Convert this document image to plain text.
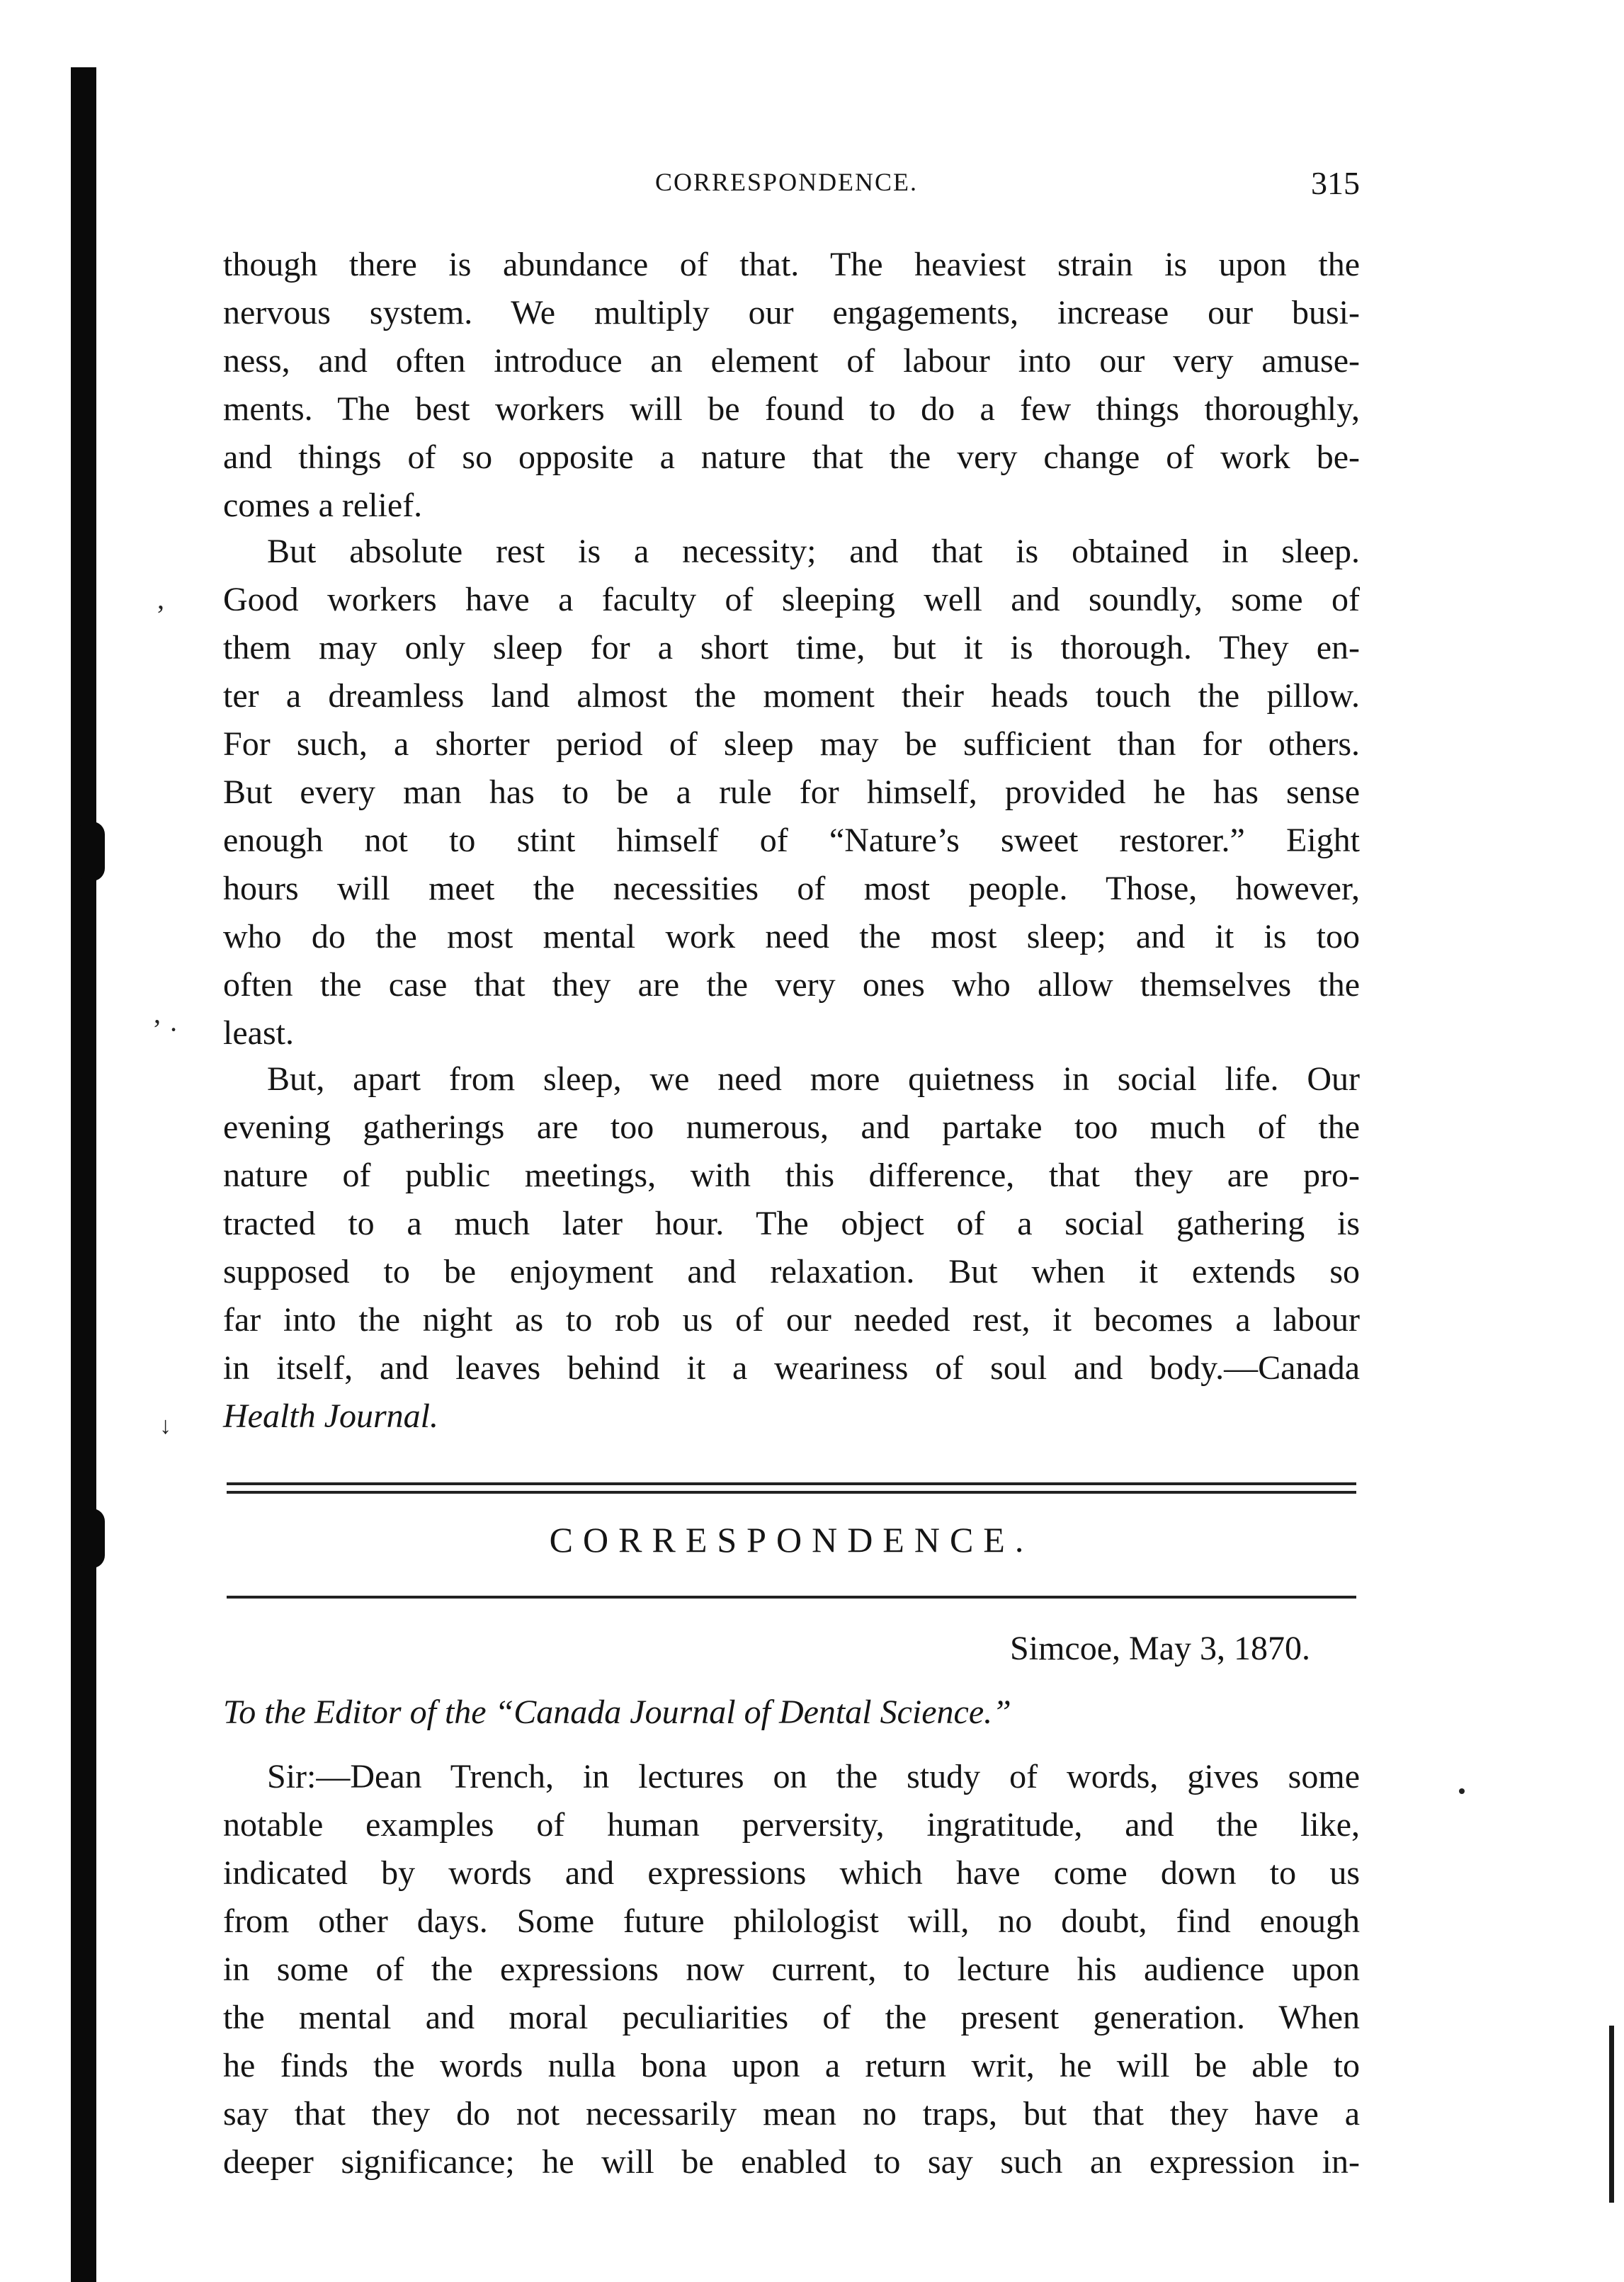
ʼ
ʼ ·
↓
CORRESPONDENCE.	315
though there is abundance of that. The heaviest strain is upon the
nervous system. We multiply our engagements, increase our busi-
ness, and often introduce an element of labour into our very amuse-
ments. The best workers will be found to do a few things thoroughly,
and things of so opposite a nature that the very change of work be-
comes a relief.
But absolute rest is a necessity; and that is obtained in sleep.
Good workers have a faculty of sleeping well and soundly, some of
them may only sleep for a short time, but it is thorough. They en-
ter a dreamless land almost the moment their heads touch the pillow.
For such, a shorter period of sleep may be sufficient than for others.
But every man has to be a rule for himself, provided he has sense
enough not to stint himself of “Nature’s sweet restorer.” Eight
hours will meet the necessities of most people. Those, however,
who do the most mental work need the most sleep; and it is too
often the case that they are the very ones who allow themselves the
least.
But, apart from sleep, we need more quietness in social life. Our
evening gatherings are too numerous, and partake too much of the
nature of public meetings, with this difference, that they are pro-
tracted to a much later hour. The object of a social gathering is
supposed to be enjoyment and relaxation. But when it extends so
far into the night as to rob us of our needed rest, it becomes a labour
in itself, and leaves behind it a weariness of soul and body.—Canada
Health Journal.
CORRESPONDENCE.
Simcoe, May 3, 1870.
To the Editor of the “Canada Journal of Dental Science.”
Sir:—Dean Trench, in lectures on the study of words, gives some
notable examples of human perversity, ingratitude, and the like,
indicated by words and expressions which have come down to us
from other days. Some future philologist will, no doubt, find enough
in some of the expressions now current, to lecture his audience upon
the mental and moral peculiarities of the present generation. When
he finds the words nulla bona upon a return writ, he will be able to
say that they do not necessarily mean no traps, but that they have a
deeper significance; he will be enabled to say such an expression in-
